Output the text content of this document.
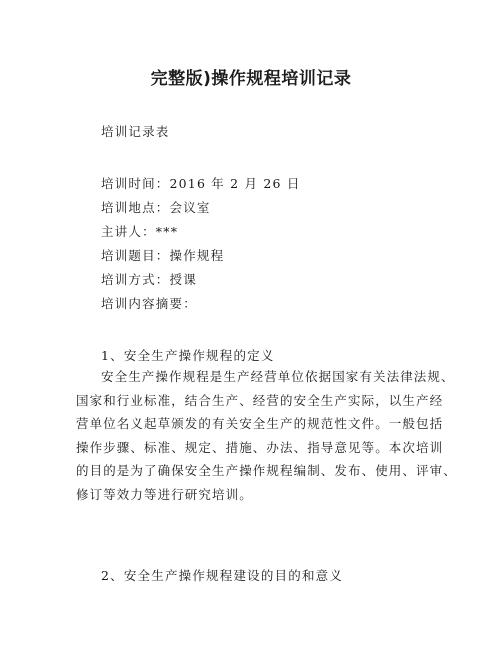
完整版)操作规程培训记录
培训记录表
培训时间：2016 年 2 月 26 日
培训地点：会议室
主讲人：***
培训题目：操作规程
培训方式：授课
培训内容摘要：
1、安全生产操作规程的定义
安全生产操作规程是生产经营单位依据国家有关法律法规、
国家和行业标准，结合生产、经营的安全生产实际，以生产经
营单位名义起草颁发的有关安全生产的规范性文件。一般包括
操作步骤、标准、规定、措施、办法、指导意见等。本次培训
的目的是为了确保安全生产操作规程编制、发布、使用、评审、
修订等效力等进行研究培训。
2、安全生产操作规程建设的目的和意义
